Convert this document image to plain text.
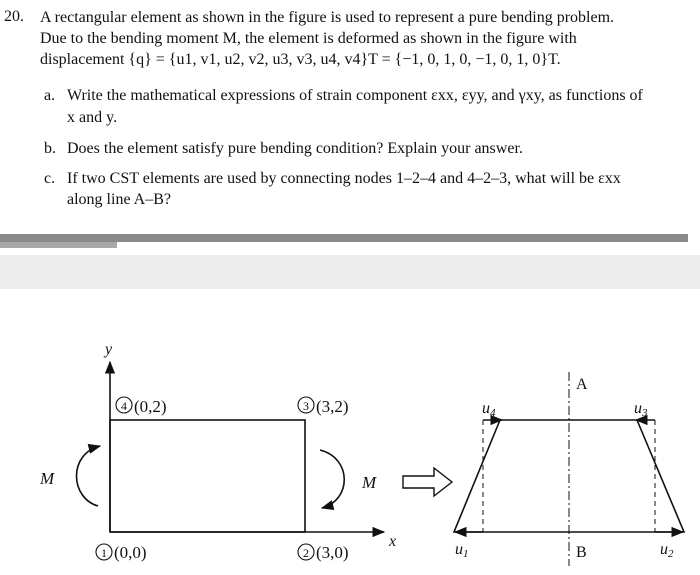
20. A rectangular element as shown in the figure is used to represent a pure bending problem.
Due to the bending moment M, the element is deformed as shown in the figure with
displacement {q} = {u1, v1, u2, v2, u3, v3, u4, v4}T = {−1, 0, 1, 0, −1, 0, 1, 0}T.
a. Write the mathematical expressions of strain component εxx, εyy, and γxy, as functions of
x and y.
b. Does the element satisfy pure bending condition? Explain your answer.
c. If two CST elements are used by connecting nodes 1–2–4 and 4–2–3, what will be εxx
along line A–B?
y
x
4 (0,2)	3 (3,2)
1 (0,0)	2 (3,0)
M	M
A
B
u4	u3
u1	u2
